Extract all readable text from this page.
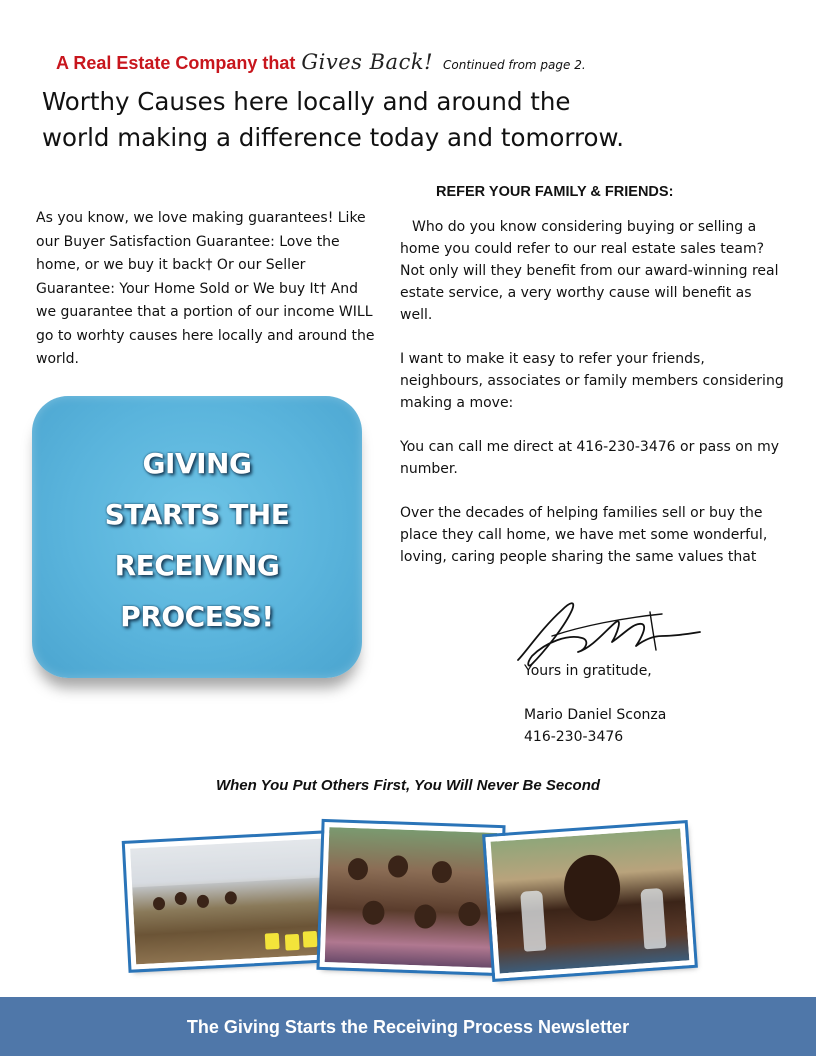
A Real Estate Company that Gives Back! Continued from page 2.
Worthy Causes here locally and around the
world making a difference today and tomorrow.
As you know, we love making guarantees! Like our Buyer Satisfaction Guarantee: Love the home, or we buy it back† Or our Seller Guarantee: Your Home Sold or We buy It† And we guarantee that a portion of our income WILL go to worhty causes here locally and around the world.
GIVING
STARTS THE
RECEIVING
PROCESS!
REFER YOUR FAMILY & FRIENDS:

Who do you know considering buying or selling a home you could refer to our real estate sales team? Not only will they benefit from our award-winning real estate service, a very worthy cause will benefit as well.

I want to make it easy to refer your friends, neighbours, associates or family members considering making a move:

You can call me direct at 416-230-3476 or pass on my number.

Over the decades of helping families sell or buy the place they call home, we have met some wonderful, loving, caring people sharing the same values that

Yours in gratitude,
Mario Daniel Sconza
416-230-3476
When You Put Others First, You Will Never Be Second
The Giving Starts the Receiving Process Newsletter
